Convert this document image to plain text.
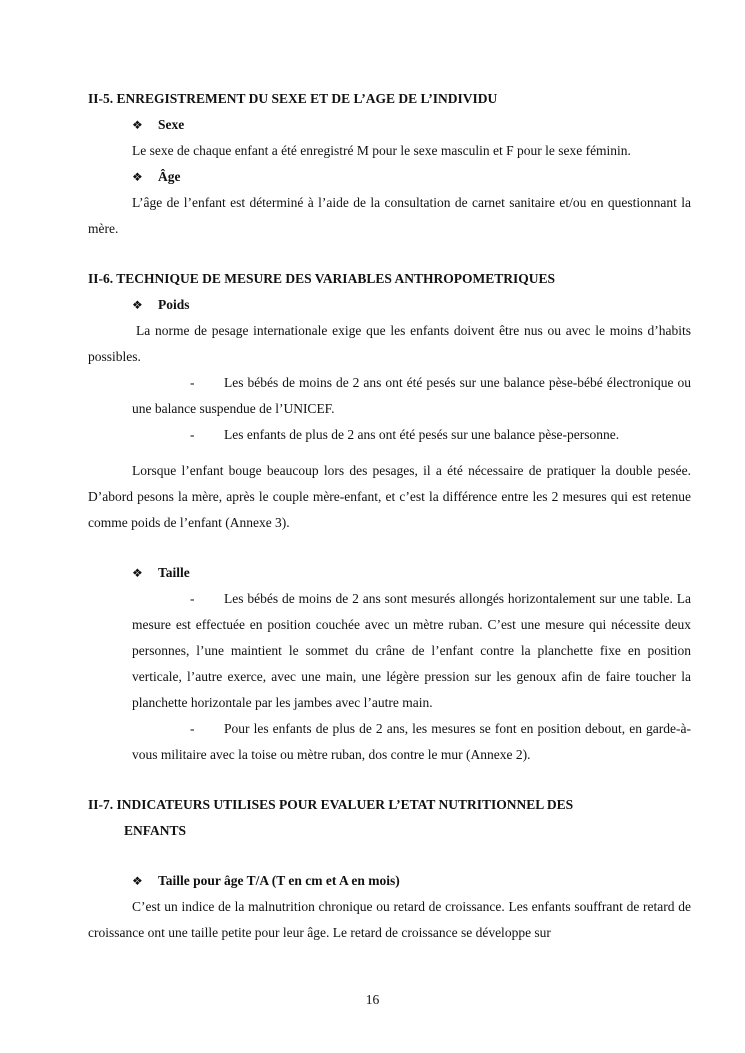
II-5. ENREGISTREMENT DU SEXE ET DE L’AGE DE L’INDIVIDU
❖ Sexe

Le sexe de chaque enfant a été enregistré M pour le sexe masculin et F pour le sexe féminin.

❖ Âge

L’âge de l’enfant est déterminé à l’aide de la consultation de carnet sanitaire et/ou en questionnant la mère.

II-6. TECHNIQUE DE MESURE DES VARIABLES ANTHROPOMETRIQUES
❖ Poids

La norme de pesage internationale exige que les enfants doivent être nus ou avec le moins d’habits possibles.

- Les bébés de moins de 2 ans ont été pesés sur une balance pèse-bébé électronique ou une balance suspendue de l’UNICEF.

- Les enfants de plus de 2 ans ont été pesés sur une balance pèse-personne.

Lorsque l’enfant bouge beaucoup lors des pesages, il a été nécessaire de pratiquer la double pesée. D’abord pesons la mère, après le couple mère-enfant, et c’est la différence entre les 2 mesures qui est retenue comme poids de l’enfant (Annexe 3).

❖ Taille

- Les bébés de moins de 2 ans sont mesurés allongés horizontalement sur une table. La mesure est effectuée en position couchée avec un mètre ruban. C’est une mesure qui nécessite deux personnes, l’une maintient le sommet du crâne de l’enfant contre la planchette fixe en position verticale, l’autre exerce, avec une main, une légère pression sur les genoux afin de faire toucher la planchette horizontale par les jambes avec l’autre main.

- Pour les enfants de plus de 2 ans, les mesures se font en position debout, en garde-à-vous militaire avec la toise ou mètre ruban, dos contre le mur (Annexe 2).

II-7. INDICATEURS UTILISES POUR EVALUER L’ETAT NUTRITIONNEL DES
ENFANTS
❖ Taille pour âge T/A (T en cm et A en mois)

C’est un indice de la malnutrition chronique ou retard de croissance. Les enfants souffrant de retard de croissance ont une taille petite pour leur âge. Le retard de croissance se développe sur

16
